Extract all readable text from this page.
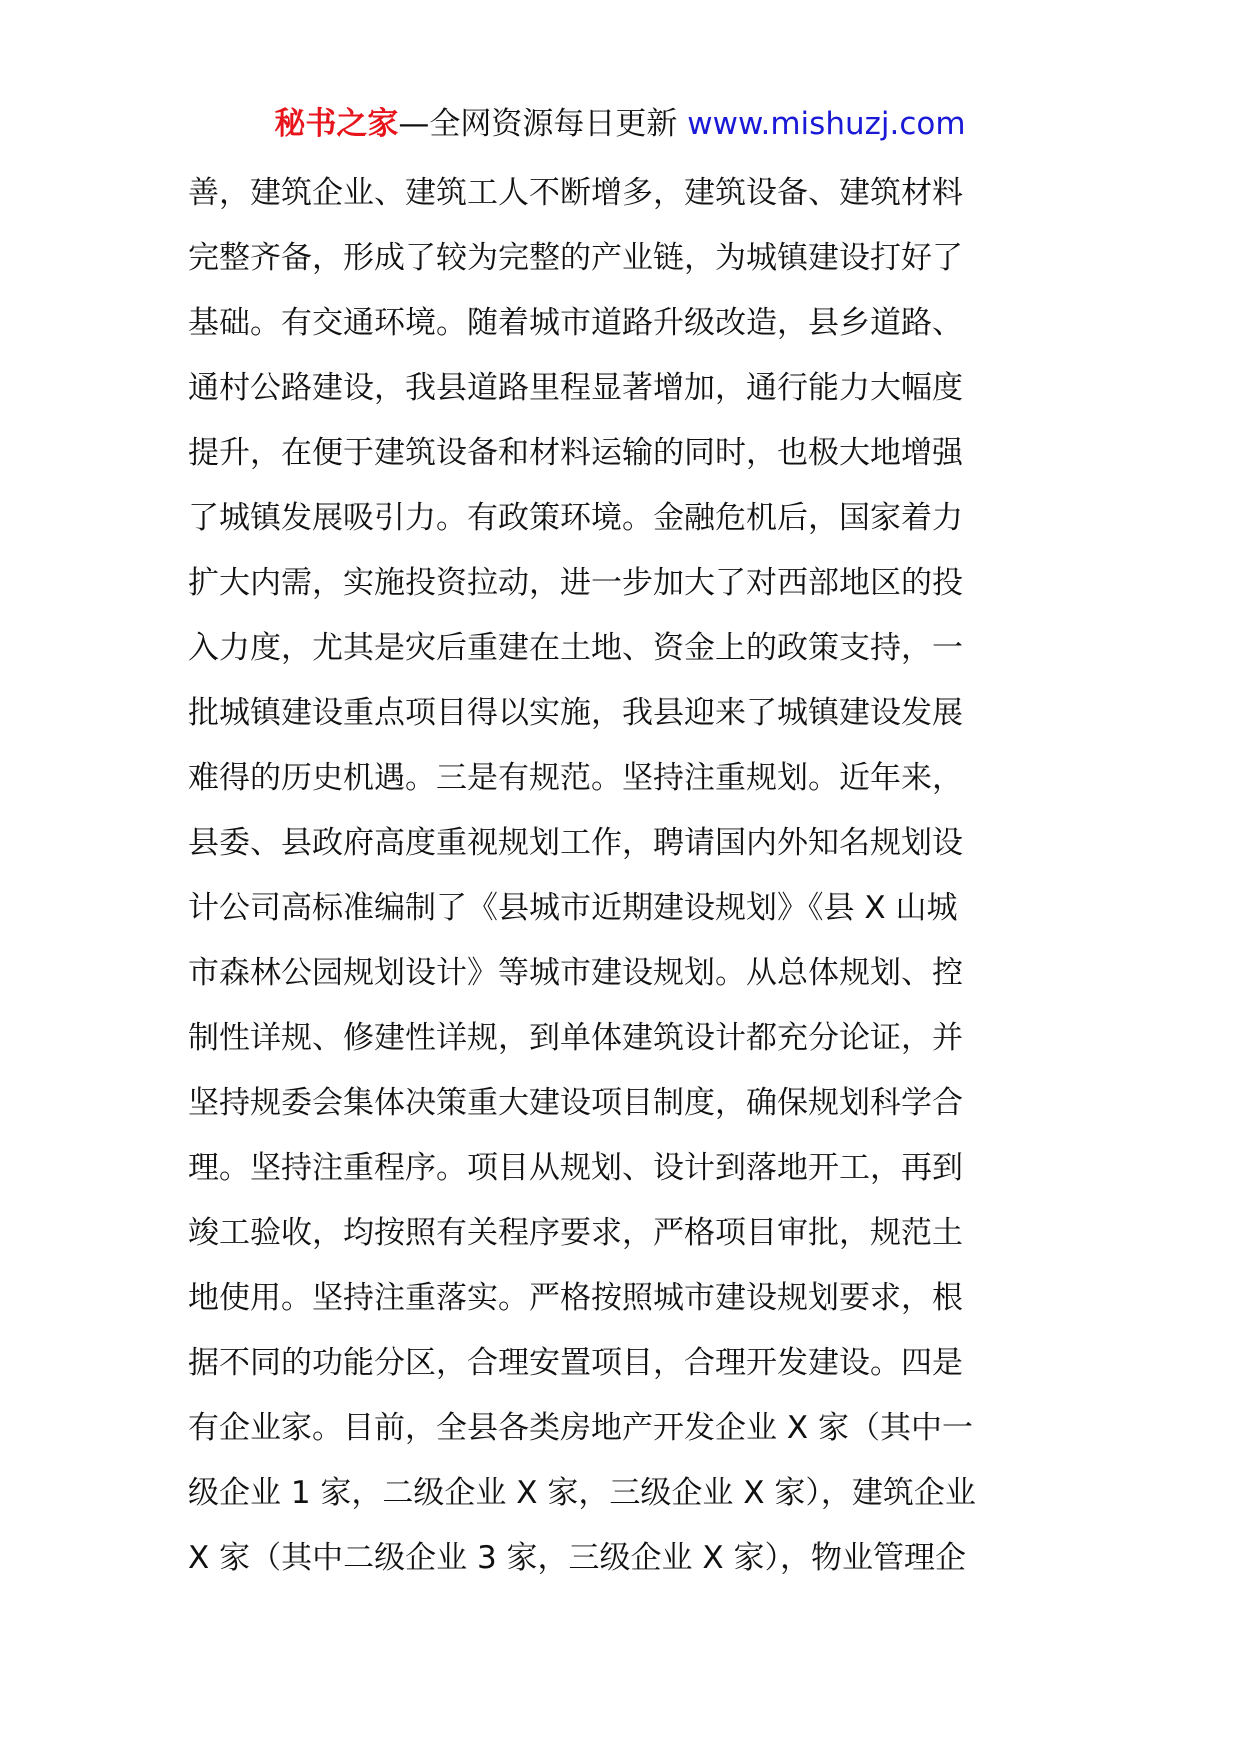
秘书之家—全网资源每日更新 www.mishuzj.com
善，建筑企业、建筑工人不断增多，建筑设备、建筑材料
完整齐备，形成了较为完整的产业链，为城镇建设打好了
基础。有交通环境。随着城市道路升级改造，县乡道路、
通村公路建设，我县道路里程显著增加，通行能力大幅度
提升，在便于建筑设备和材料运输的同时，也极大地增强
了城镇发展吸引力。有政策环境。金融危机后，国家着力
扩大内需，实施投资拉动，进一步加大了对西部地区的投
入力度，尤其是灾后重建在土地、资金上的政策支持，一
批城镇建设重点项目得以实施，我县迎来了城镇建设发展
难得的历史机遇。三是有规范。坚持注重规划。近年来，
县委、县政府高度重视规划工作，聘请国内外知名规划设
计公司高标准编制了《县城市近期建设规划》《县 X 山城
市森林公园规划设计》等城市建设规划。从总体规划、控
制性详规、修建性详规，到单体建筑设计都充分论证，并
坚持规委会集体决策重大建设项目制度，确保规划科学合
理。坚持注重程序。项目从规划、设计到落地开工，再到
竣工验收，均按照有关程序要求，严格项目审批，规范土
地使用。坚持注重落实。严格按照城市建设规划要求，根
据不同的功能分区，合理安置项目，合理开发建设。四是
有企业家。目前，全县各类房地产开发企业 X 家（其中一
级企业 1 家，二级企业 X 家，三级企业 X 家），建筑企业
X 家（其中二级企业 3 家，三级企业 X 家），物业管理企
